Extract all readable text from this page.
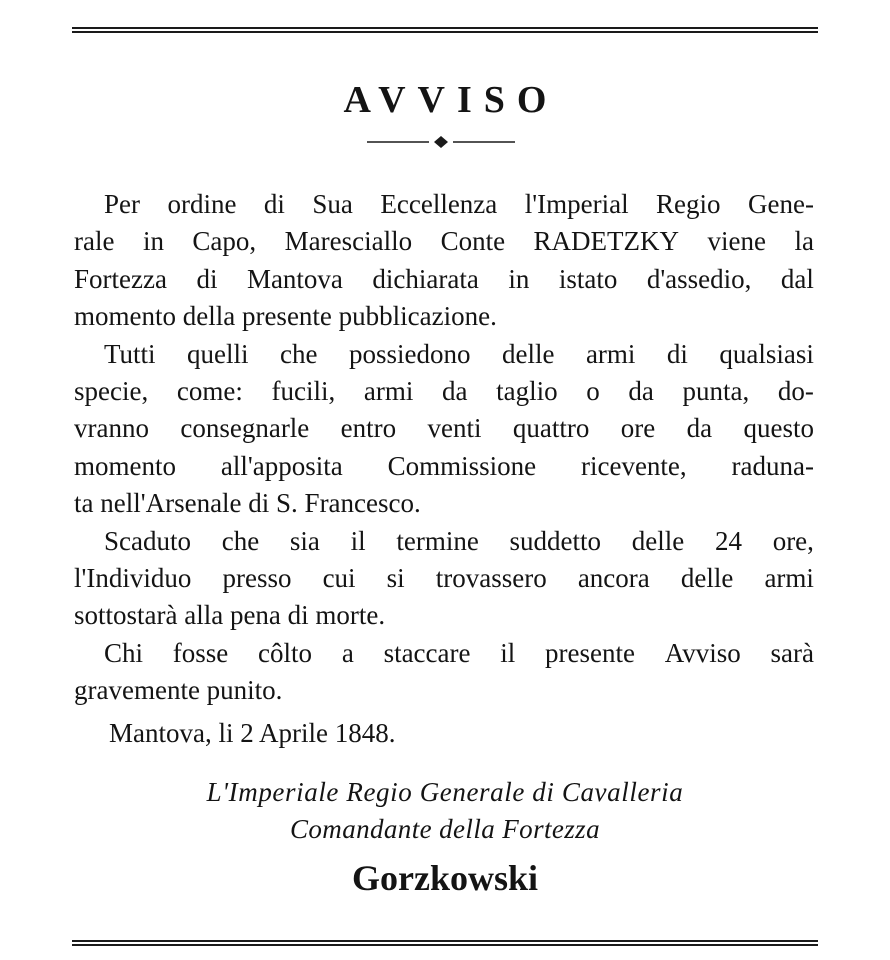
AVVISO
Per ordine di Sua Eccellenza l'Imperial Regio Gene-
rale in Capo, Maresciallo Conte RADETZKY viene la
Fortezza di Mantova dichiarata in istato d'assedio, dal
momento della presente pubblicazione.
Tutti quelli che possiedono delle armi di qualsiasi
specie, come: fucili, armi da taglio o da punta, do-
vranno consegnarle entro venti quattro ore da questo
momento all'apposita Commissione ricevente, raduna-
ta nell'Arsenale di S. Francesco.
Scaduto che sia il termine suddetto delle 24 ore,
l'Individuo presso cui si trovassero ancora delle armi
sottostarà alla pena di morte.
Chi fosse côlto a staccare il presente Avviso sarà
gravemente punito.
Mantova, li 2 Aprile 1848.
L'Imperiale Regio Generale di Cavalleria
Comandante della Fortezza
Gorzkowski
